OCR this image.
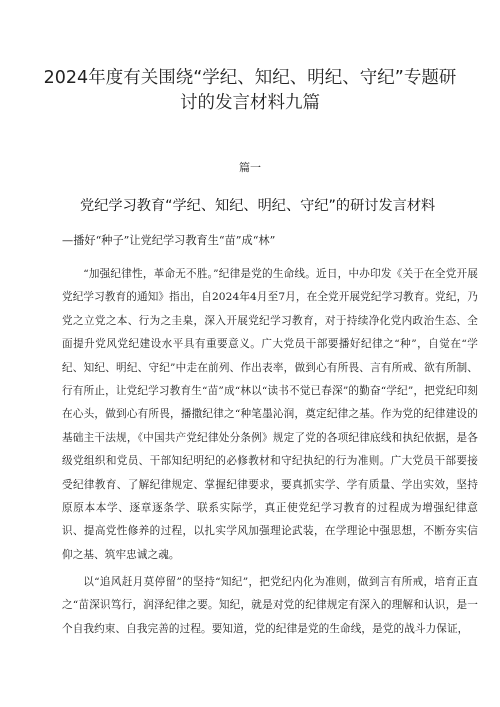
2024年度有关围绕“学纪、知纪、明纪、守纪”专题研讨的发言材料九篇

篇一

党纪学习教育“学纪、知纪、明纪、守纪”的研讨发言材料

—播好“种子”让党纪学习教育生“苗”成“林”

“加强纪律性，革命无不胜。”纪律是党的生命线。近日，中办印发《关于在全党开展党纪学习教育的通知》指出，自2024年4月至7月，在全党开展党纪学习教育。党纪，乃党之立党之本、行为之圭臬，深入开展党纪学习教育，对于持续净化党内政治生态、全面提升党风党纪建设水平具有重要意义。广大党员干部要播好纪律之“种”，自觉在“学纪、知纪、明纪、守纪”中走在前列、作出表率，做到心有所畏、言有所戒、欲有所制、行有所止，让党纪学习教育生“苗”成“林以“读书不觉已春深”的勤奋“学纪”，把党纪印刻在心头，做到心有所畏，播撒纪律之“种笔墨沁润，奠定纪律之基。作为党的纪律建设的基础主干法规，《中国共产党纪律处分条例》规定了党的各项纪律底线和执纪依据，是各级党组织和党员、干部知纪明纪的必修教材和守纪执纪的行为准则。广大党员干部要接受纪律教育、了解纪律规定、掌握纪律要求，要真抓实学、学有质量、学出实效，坚持原原本本学、逐章逐条学、联系实际学，真正使党纪学习教育的过程成为增强纪律意识、提高党性修养的过程，以扎实学风加强理论武装，在学理论中强思想，不断夯实信仰之基、筑牢忠诚之魂。

以“追风赶月莫停留”的坚持“知纪”，把党纪内化为准则，做到言有所戒，培育正直之“苗深识笃行，润泽纪律之要。知纪，就是对党的纪律规定有深入的理解和认识，是一个自我约束、自我完善的过程。要知道，党的纪律是党的生命线，是党的战斗力保证，
